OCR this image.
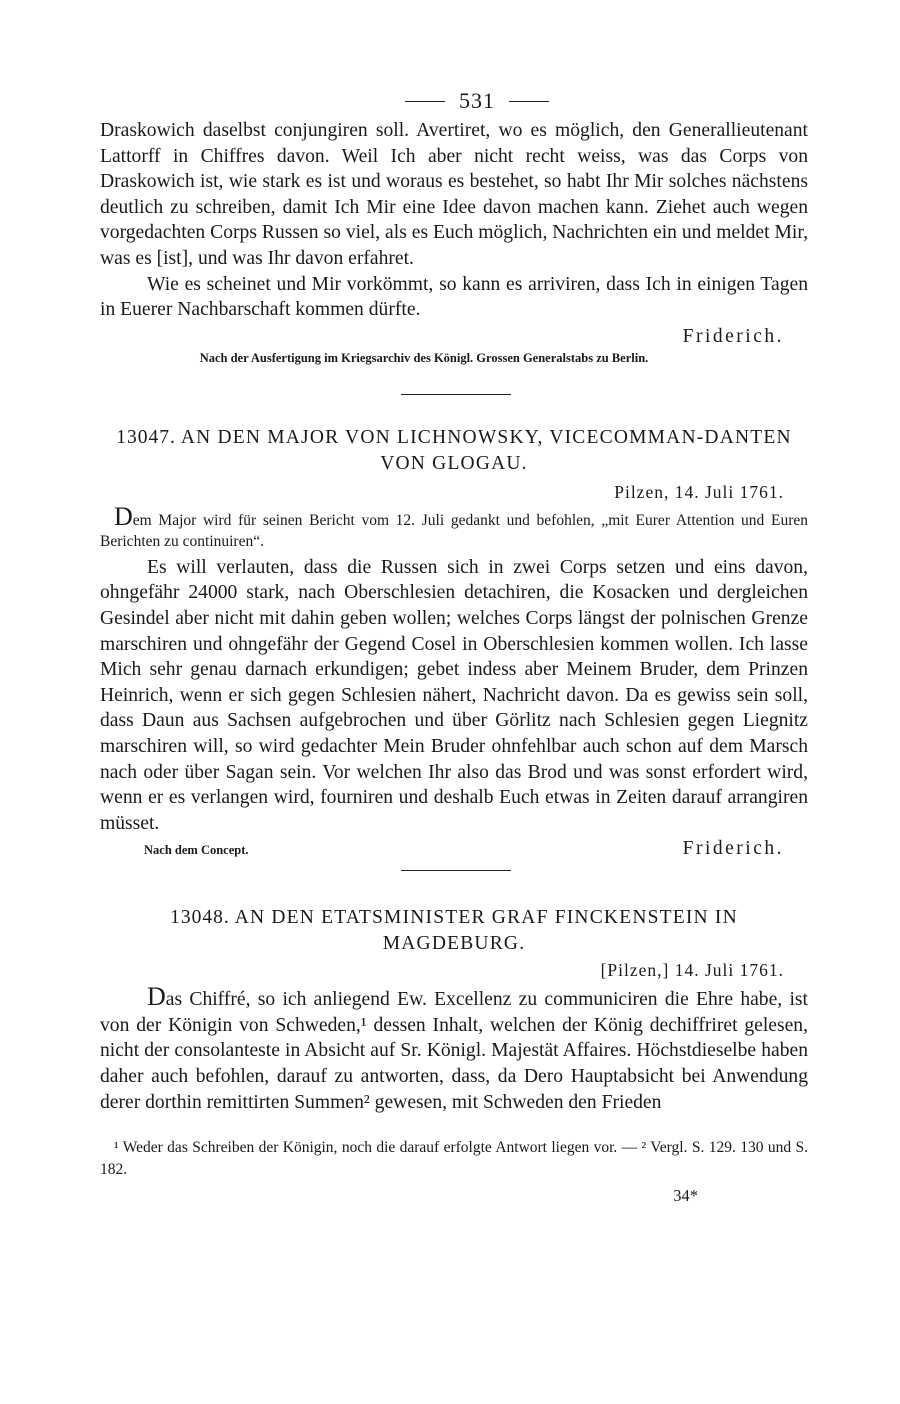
531

Draskowich daselbst conjungiren soll. Avertiret, wo es möglich, den Generallieutenant Lattorff in Chiffres davon. Weil Ich aber nicht recht weiss, was das Corps von Draskowich ist, wie stark es ist und woraus es bestehet, so habt Ihr Mir solches nächstens deutlich zu schreiben, damit Ich Mir eine Idee davon machen kann. Ziehet auch wegen vorgedachten Corps Russen so viel, als es Euch möglich, Nachrichten ein und meldet Mir, was es [ist], und was Ihr davon erfahret.

Wie es scheinet und Mir vorkömmt, so kann es arriviren, dass Ich in einigen Tagen in Euerer Nachbarschaft kommen dürfte.

Friderich.

Nach der Ausfertigung im Kriegsarchiv des Königl. Grossen Generalstabs zu Berlin.

13047. AN DEN MAJOR VON LICHNOWSKY, VICECOMMAN-DANTEN VON GLOGAU.

Pilzen, 14. Juli 1761.

Dem Major wird für seinen Bericht vom 12. Juli gedankt und befohlen, „mit Eurer Attention und Euren Berichten zu continuiren“.

Es will verlauten, dass die Russen sich in zwei Corps setzen und eins davon, ohngefähr 24000 stark, nach Oberschlesien detachiren, die Kosacken und dergleichen Gesindel aber nicht mit dahin geben wollen; welches Corps längst der polnischen Grenze marschiren und ohngefähr der Gegend Cosel in Oberschlesien kommen wollen. Ich lasse Mich sehr genau darnach erkundigen; gebet indess aber Meinem Bruder, dem Prinzen Heinrich, wenn er sich gegen Schlesien nähert, Nachricht davon. Da es gewiss sein soll, dass Daun aus Sachsen aufgebrochen und über Görlitz nach Schlesien gegen Liegnitz marschiren will, so wird gedachter Mein Bruder ohnfehlbar auch schon auf dem Marsch nach oder über Sagan sein. Vor welchen Ihr also das Brod und was sonst erfordert wird, wenn er es verlangen wird, fourniren und deshalb Euch etwas in Zeiten darauf arrangiren müsset.

Nach dem Concept.	Friderich.

13048. AN DEN ETATSMINISTER GRAF FINCKENSTEIN IN MAGDEBURG.

[Pilzen,] 14. Juli 1761.

Das Chiffré, so ich anliegend Ew. Excellenz zu communiciren die Ehre habe, ist von der Königin von Schweden,¹ dessen Inhalt, welchen der König dechiffriret gelesen, nicht der consolanteste in Absicht auf Sr. Königl. Majestät Affaires. Höchstdieselbe haben daher auch befohlen, darauf zu antworten, dass, da Dero Hauptabsicht bei Anwendung derer dorthin remittirten Summen² gewesen, mit Schweden den Frieden

¹ Weder das Schreiben der Königin, noch die darauf erfolgte Antwort liegen vor. — ² Vergl. S. 129. 130 und S. 182.

34*
